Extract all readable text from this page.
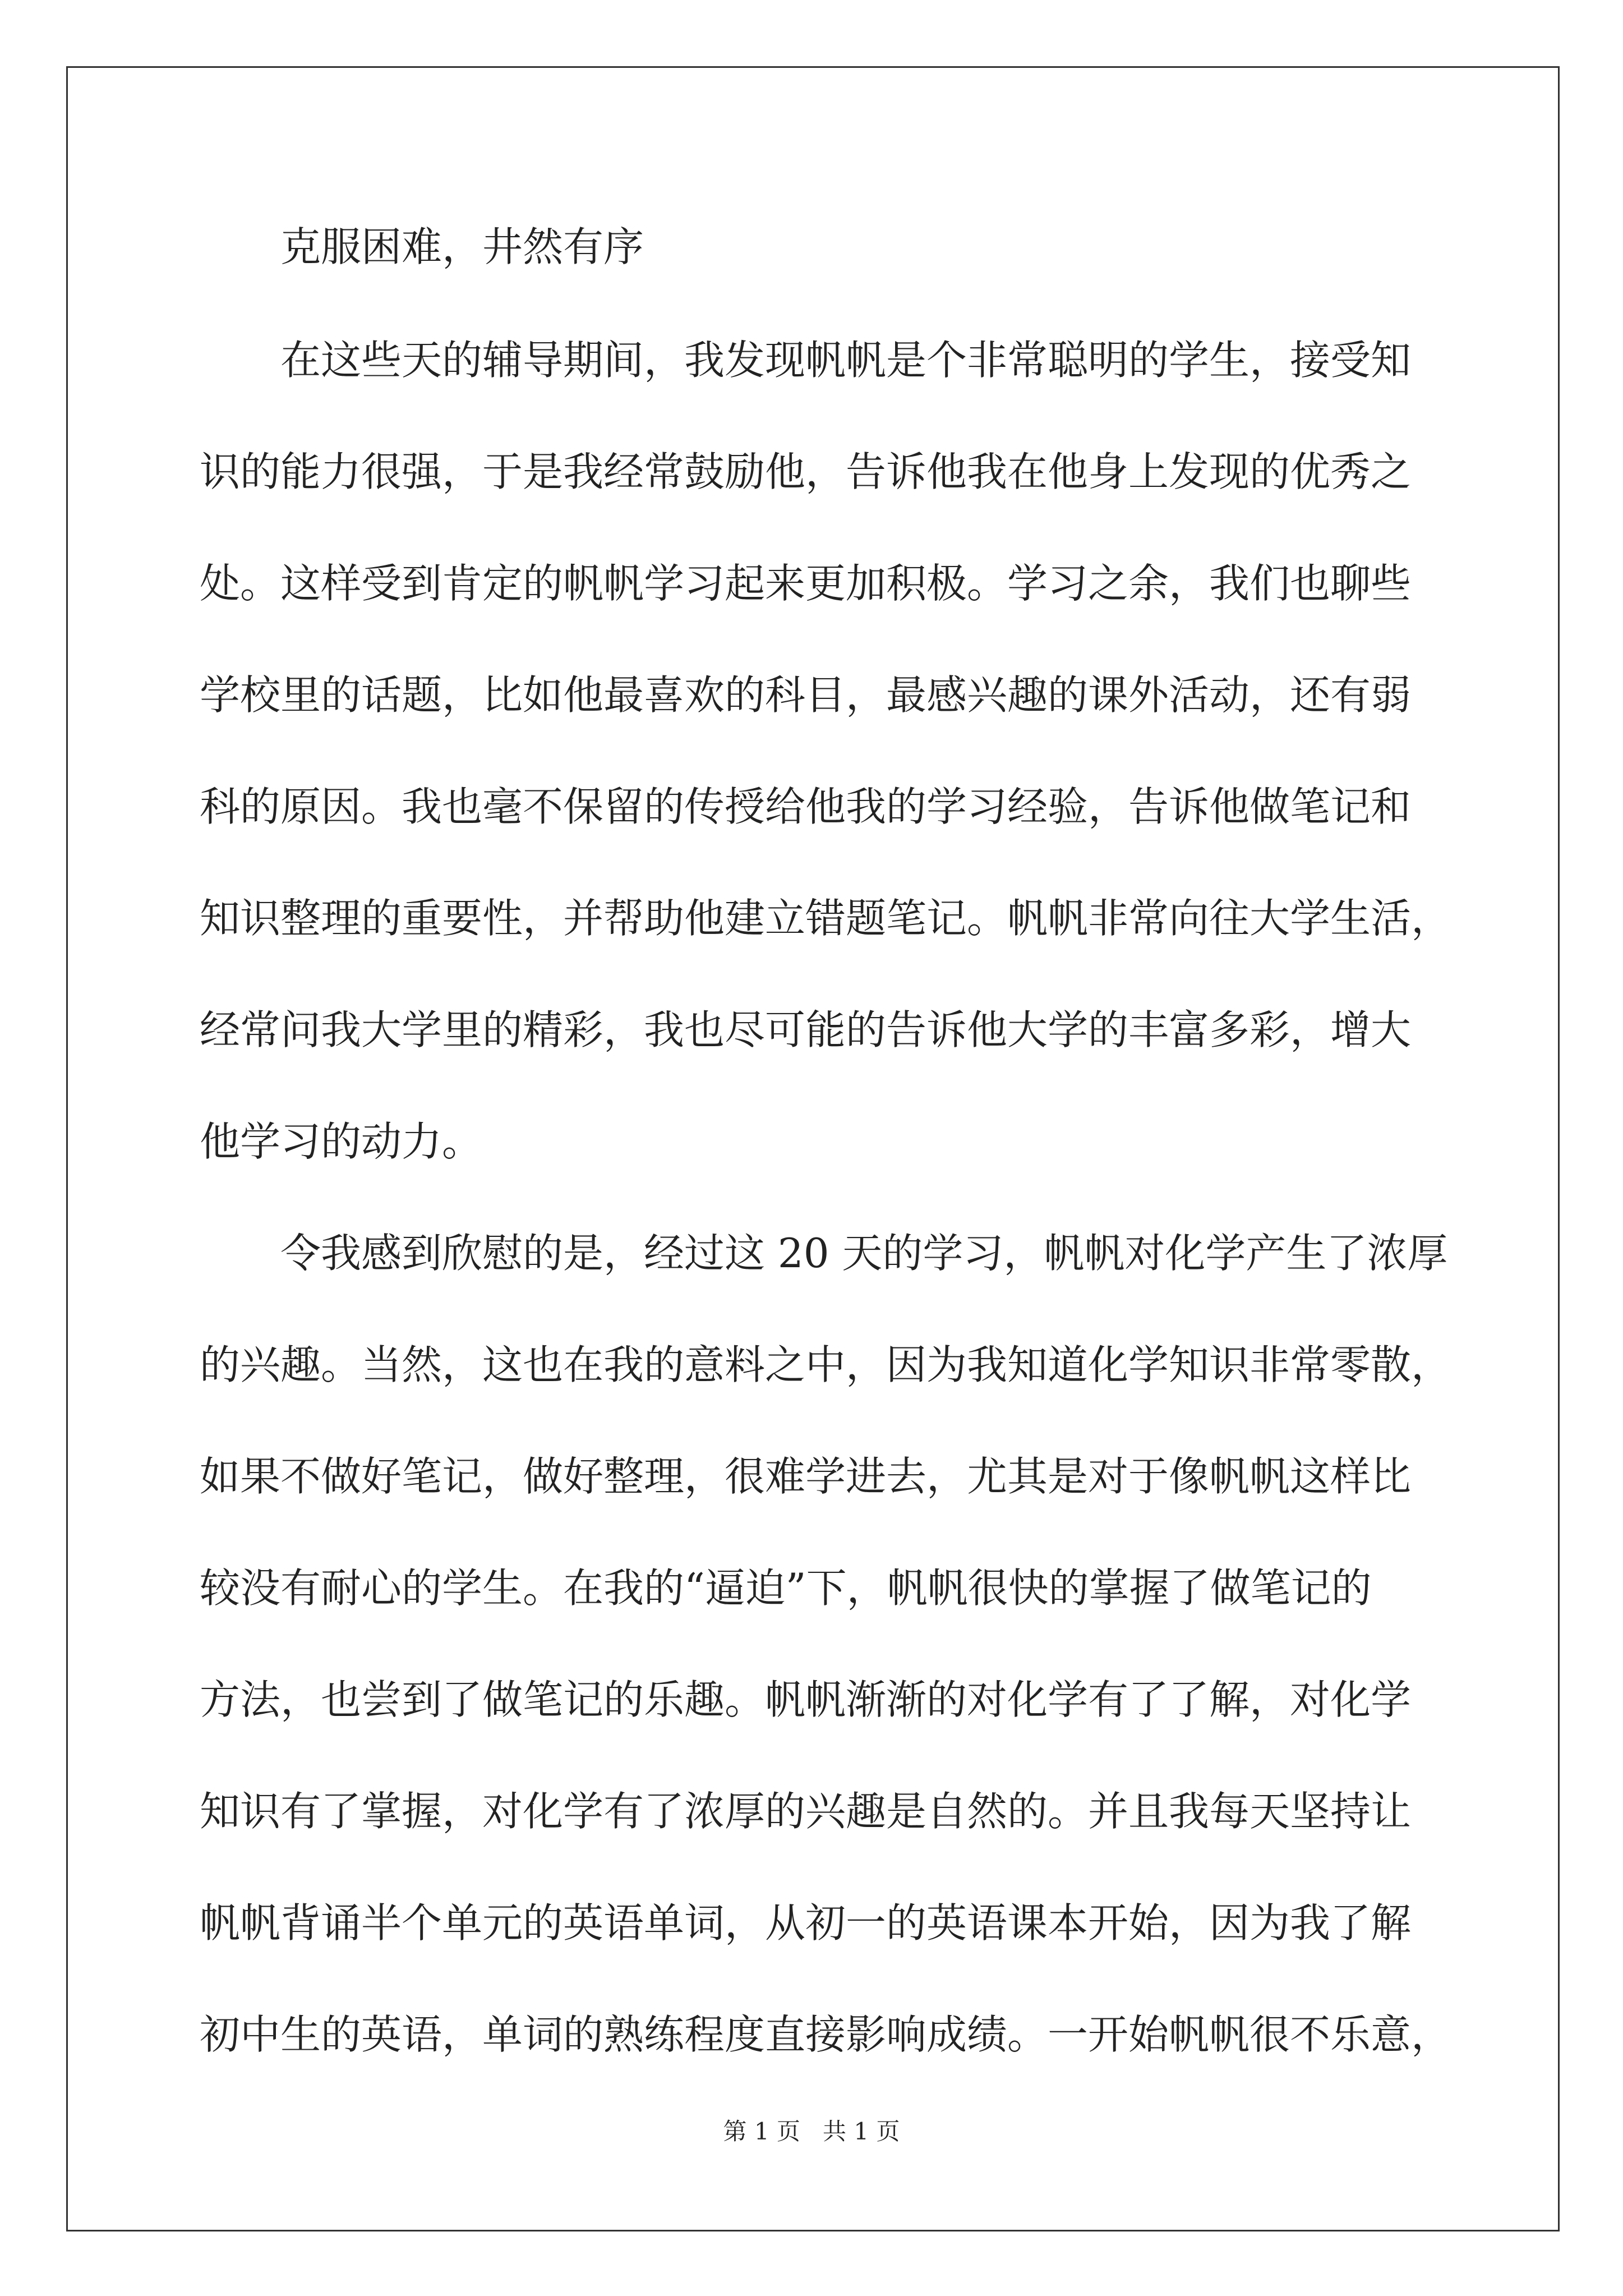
克服困难，井然有序

在这些天的辅导期间，我发现帆帆是个非常聪明的学生，接受知

识的能力很强，于是我经常鼓励他，告诉他我在他身上发现的优秀之

处。这样受到肯定的帆帆学习起来更加积极。学习之余，我们也聊些

学校里的话题，比如他最喜欢的科目，最感兴趣的课外活动，还有弱

科的原因。我也毫不保留的传授给他我的学习经验，告诉他做笔记和

知识整理的重要性，并帮助他建立错题笔记。帆帆非常向往大学生活，

经常问我大学里的精彩，我也尽可能的告诉他大学的丰富多彩，增大

他学习的动力。

令我感到欣慰的是，经过这 20 天的学习，帆帆对化学产生了浓厚

的兴趣。当然，这也在我的意料之中，因为我知道化学知识非常零散，

如果不做好笔记，做好整理，很难学进去，尤其是对于像帆帆这样比

较没有耐心的学生。在我的“逼迫”下，帆帆很快的掌握了做笔记的

方法，也尝到了做笔记的乐趣。帆帆渐渐的对化学有了了解，对化学

知识有了掌握，对化学有了浓厚的兴趣是自然的。并且我每天坚持让

帆帆背诵半个单元的英语单词，从初一的英语课本开始，因为我了解

初中生的英语，单词的熟练程度直接影响成绩。一开始帆帆很不乐意，

第 1 页   共 1 页
